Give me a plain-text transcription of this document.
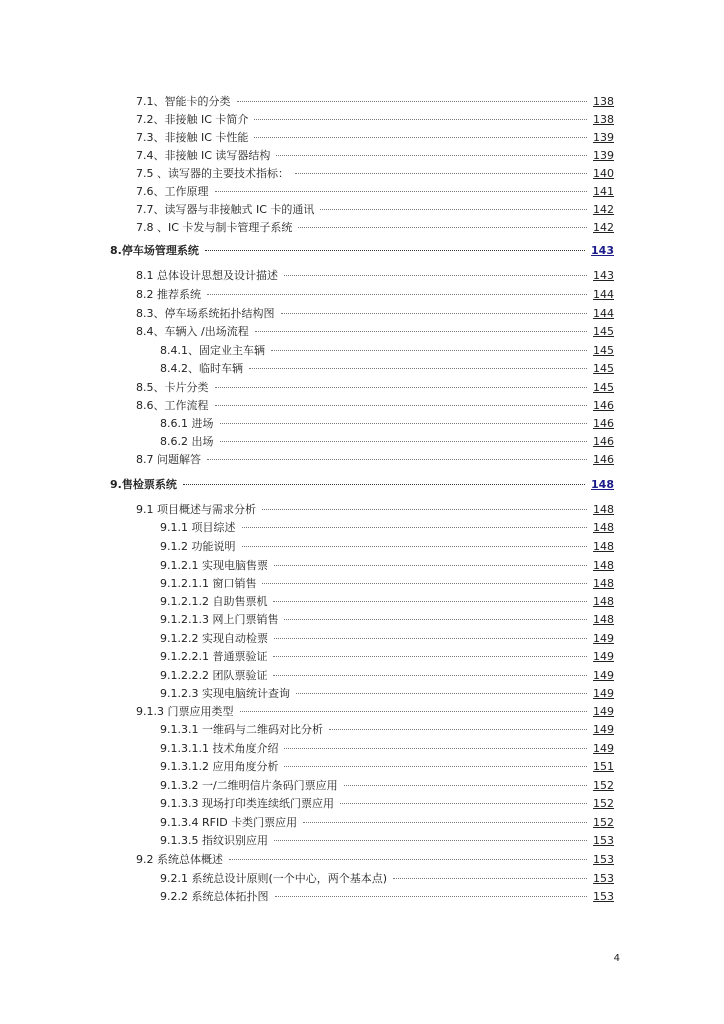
7.1、智能卡的分类	138
7.2、非接触 IC 卡简介	138
7.3、非接触 IC 卡性能	139
7.4、非接触 IC 读写器结构	139
7.5 、读写器的主要技术指标：	140
7.6、工作原理	141
7.7、读写器与非接触式 IC 卡的通讯	142
7.8 、IC 卡发与制卡管理子系统	142
8.停车场管理系统	143
8.1 总体设计思想及设计描述	143
8.2 推荐系统	144
8.3、停车场系统拓扑结构图	144
8.4、车辆入 /出场流程	145
8.4.1、固定业主车辆	145
8.4.2、临时车辆	145
8.5、卡片分类	145
8.6、工作流程	146
8.6.1 进场	146
8.6.2 出场	146
8.7 问题解答	146
9.售检票系统	148
9.1 项目概述与需求分析	148
9.1.1 项目综述	148
9.1.2 功能说明	148
9.1.2.1 实现电脑售票	148
9.1.2.1.1 窗口销售	148
9.1.2.1.2 自助售票机	148
9.1.2.1.3 网上门票销售	148
9.1.2.2 实现自动检票	149
9.1.2.2.1 普通票验证	149
9.1.2.2.2 团队票验证	149
9.1.2.3 实现电脑统计查询	149
9.1.3 门票应用类型	149
9.1.3.1 一维码与二维码对比分析	149
9.1.3.1.1 技术角度介绍	149
9.1.3.1.2 应用角度分析	151
9.1.3.2 一/二维明信片条码门票应用	152
9.1.3.3 现场打印类连续纸门票应用	152
9.1.3.4 RFID 卡类门票应用	152
9.1.3.5 指纹识别应用	153
9.2 系统总体概述	153
9.2.1 系统总设计原则(一个中心，两个基本点)	153
9.2.2 系统总体拓扑图	153
4
